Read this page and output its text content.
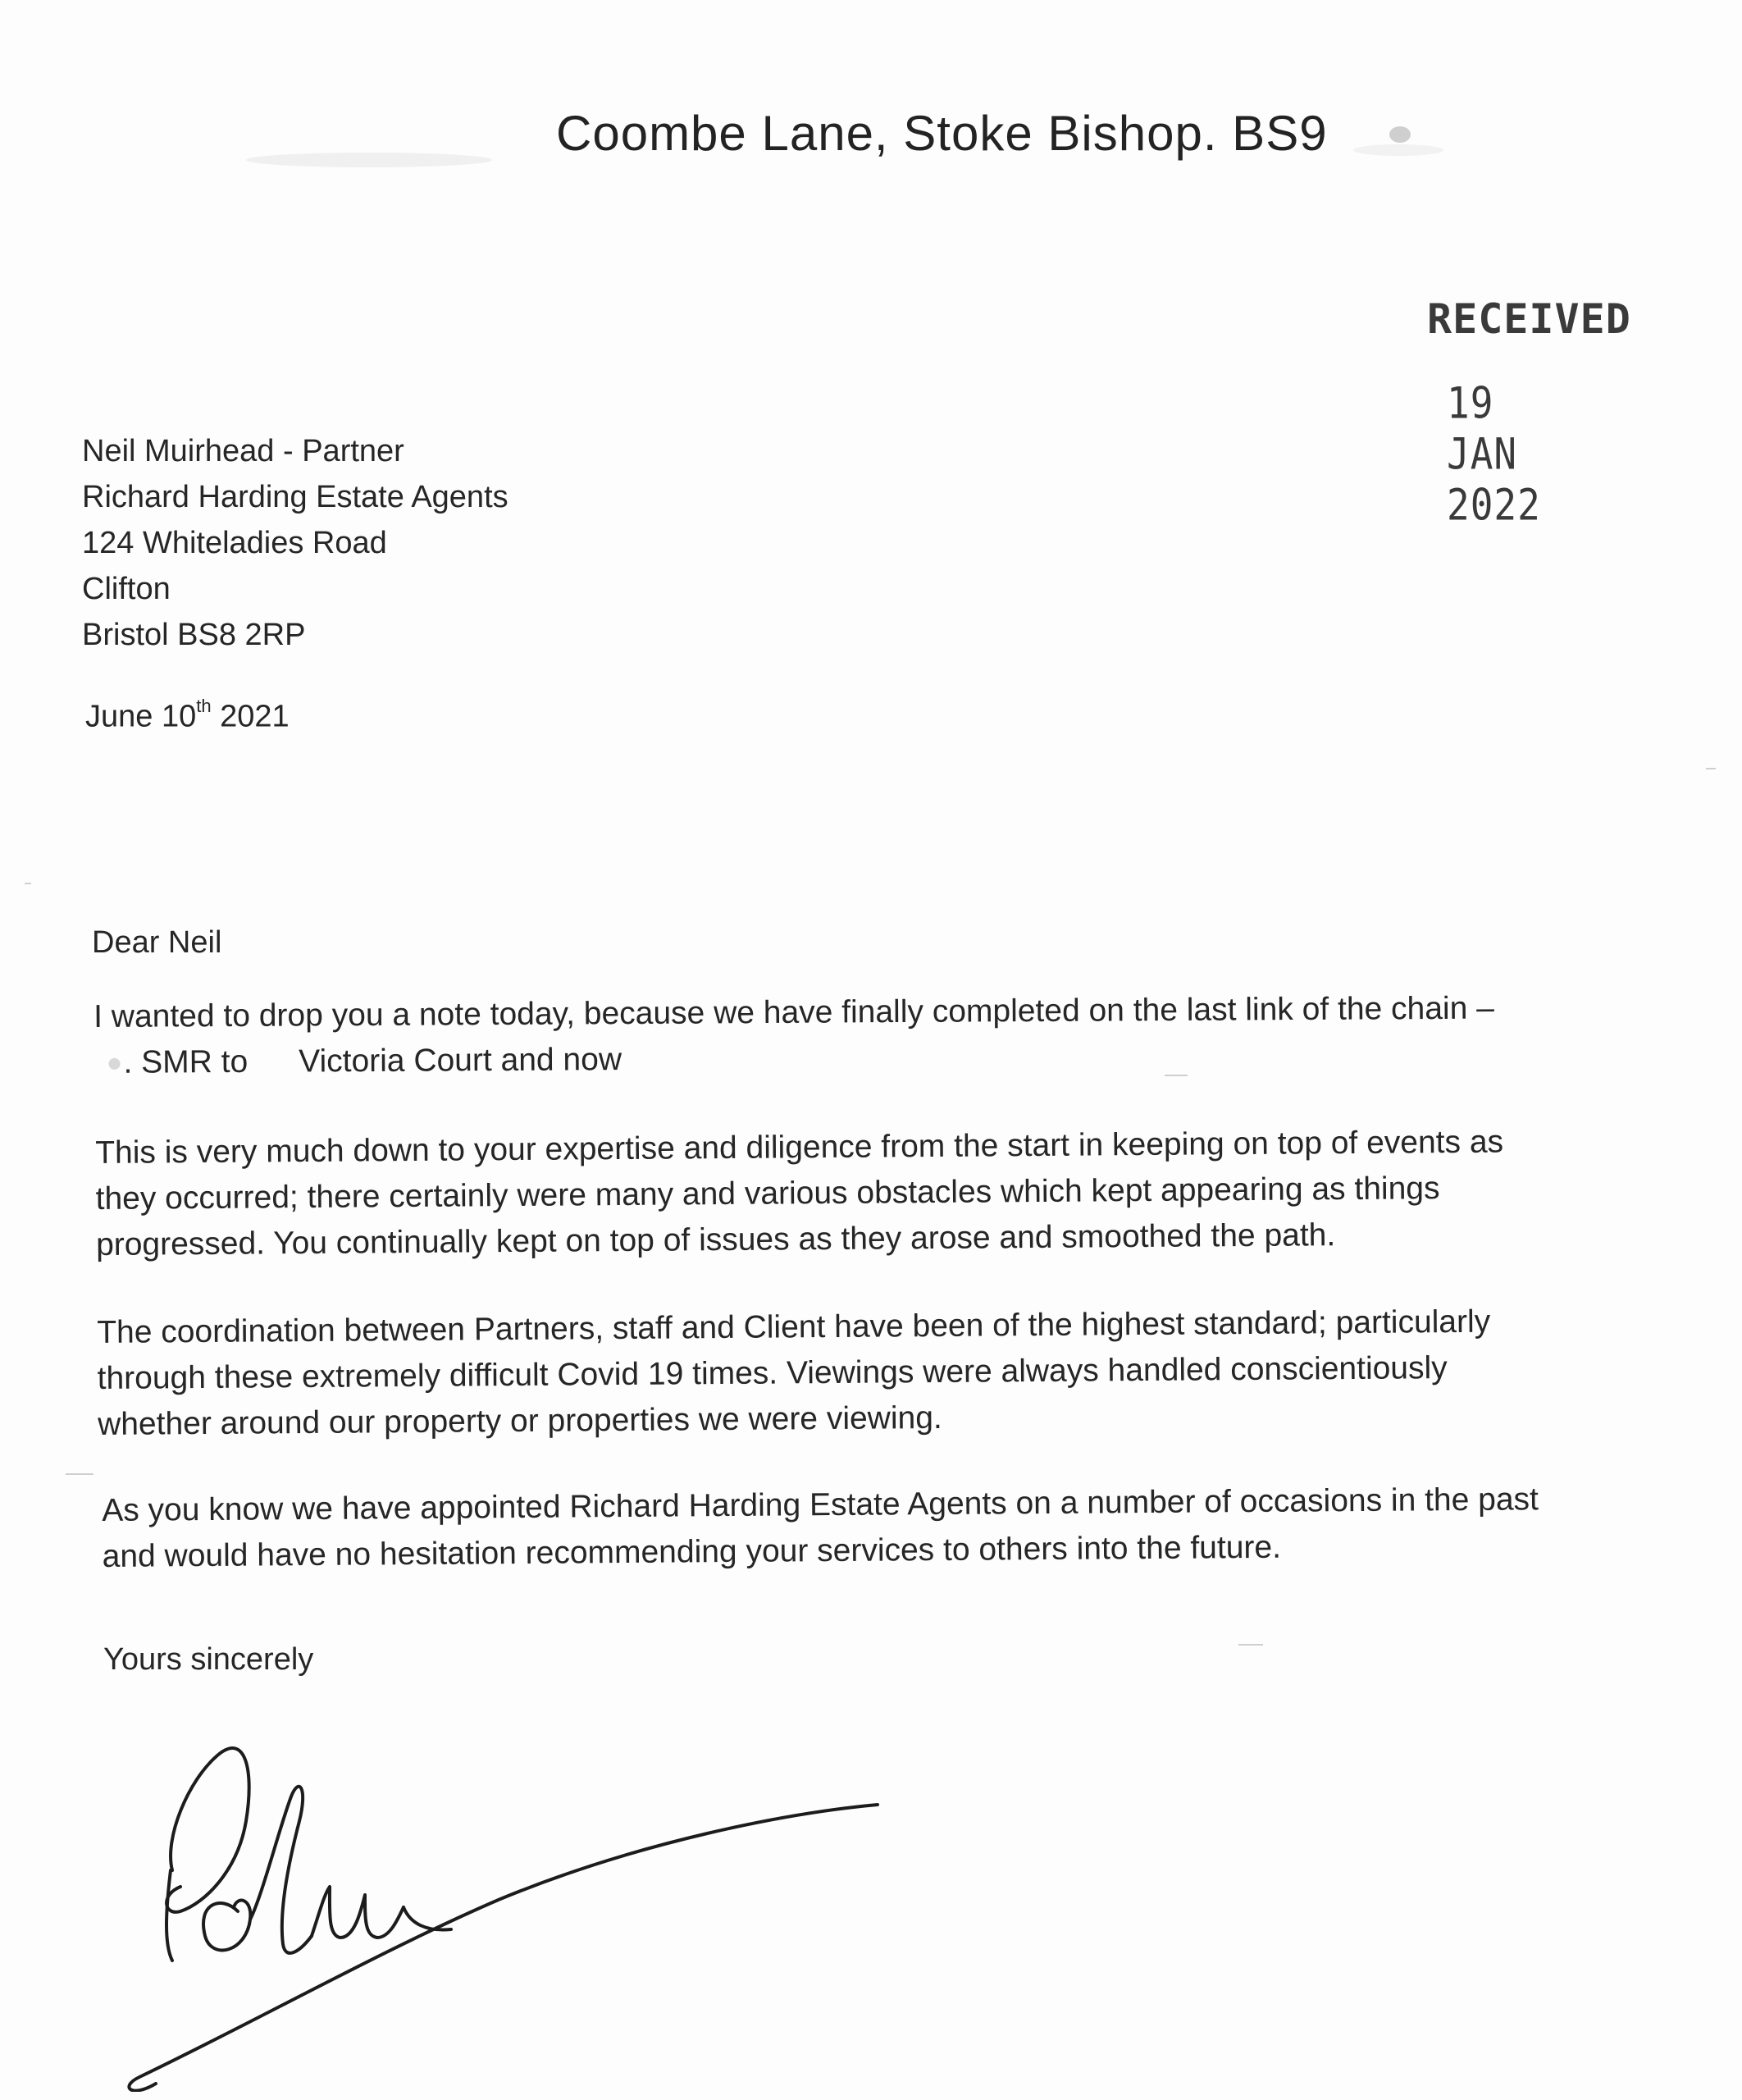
Coombe Lane, Stoke Bishop. BS9

RECEIVED
19 JAN 2022
Neil Muirhead - Partner
Richard Harding Estate Agents
124 Whiteladies Road
Clifton
Bristol BS8 2RP

June 10th 2021

Dear Neil

I wanted to drop you a note today, because we have finally completed on the last link of the chain –
. SMR to Victoria Court and now
This is very much down to your expertise and diligence from the start in keeping on top of events as
they occurred; there certainly were many and various obstacles which kept appearing as things
progressed. You continually kept on top of issues as they arose and smoothed the path.
The coordination between Partners, staff and Client have been of the highest standard; particularly
through these extremely difficult Covid 19 times. Viewings were always handled conscientiously
whether around our property or properties we were viewing.
As you know we have appointed Richard Harding Estate Agents on a number of occasions in the past
and would have no hesitation recommending your services to others into the future.

Yours sincerely
